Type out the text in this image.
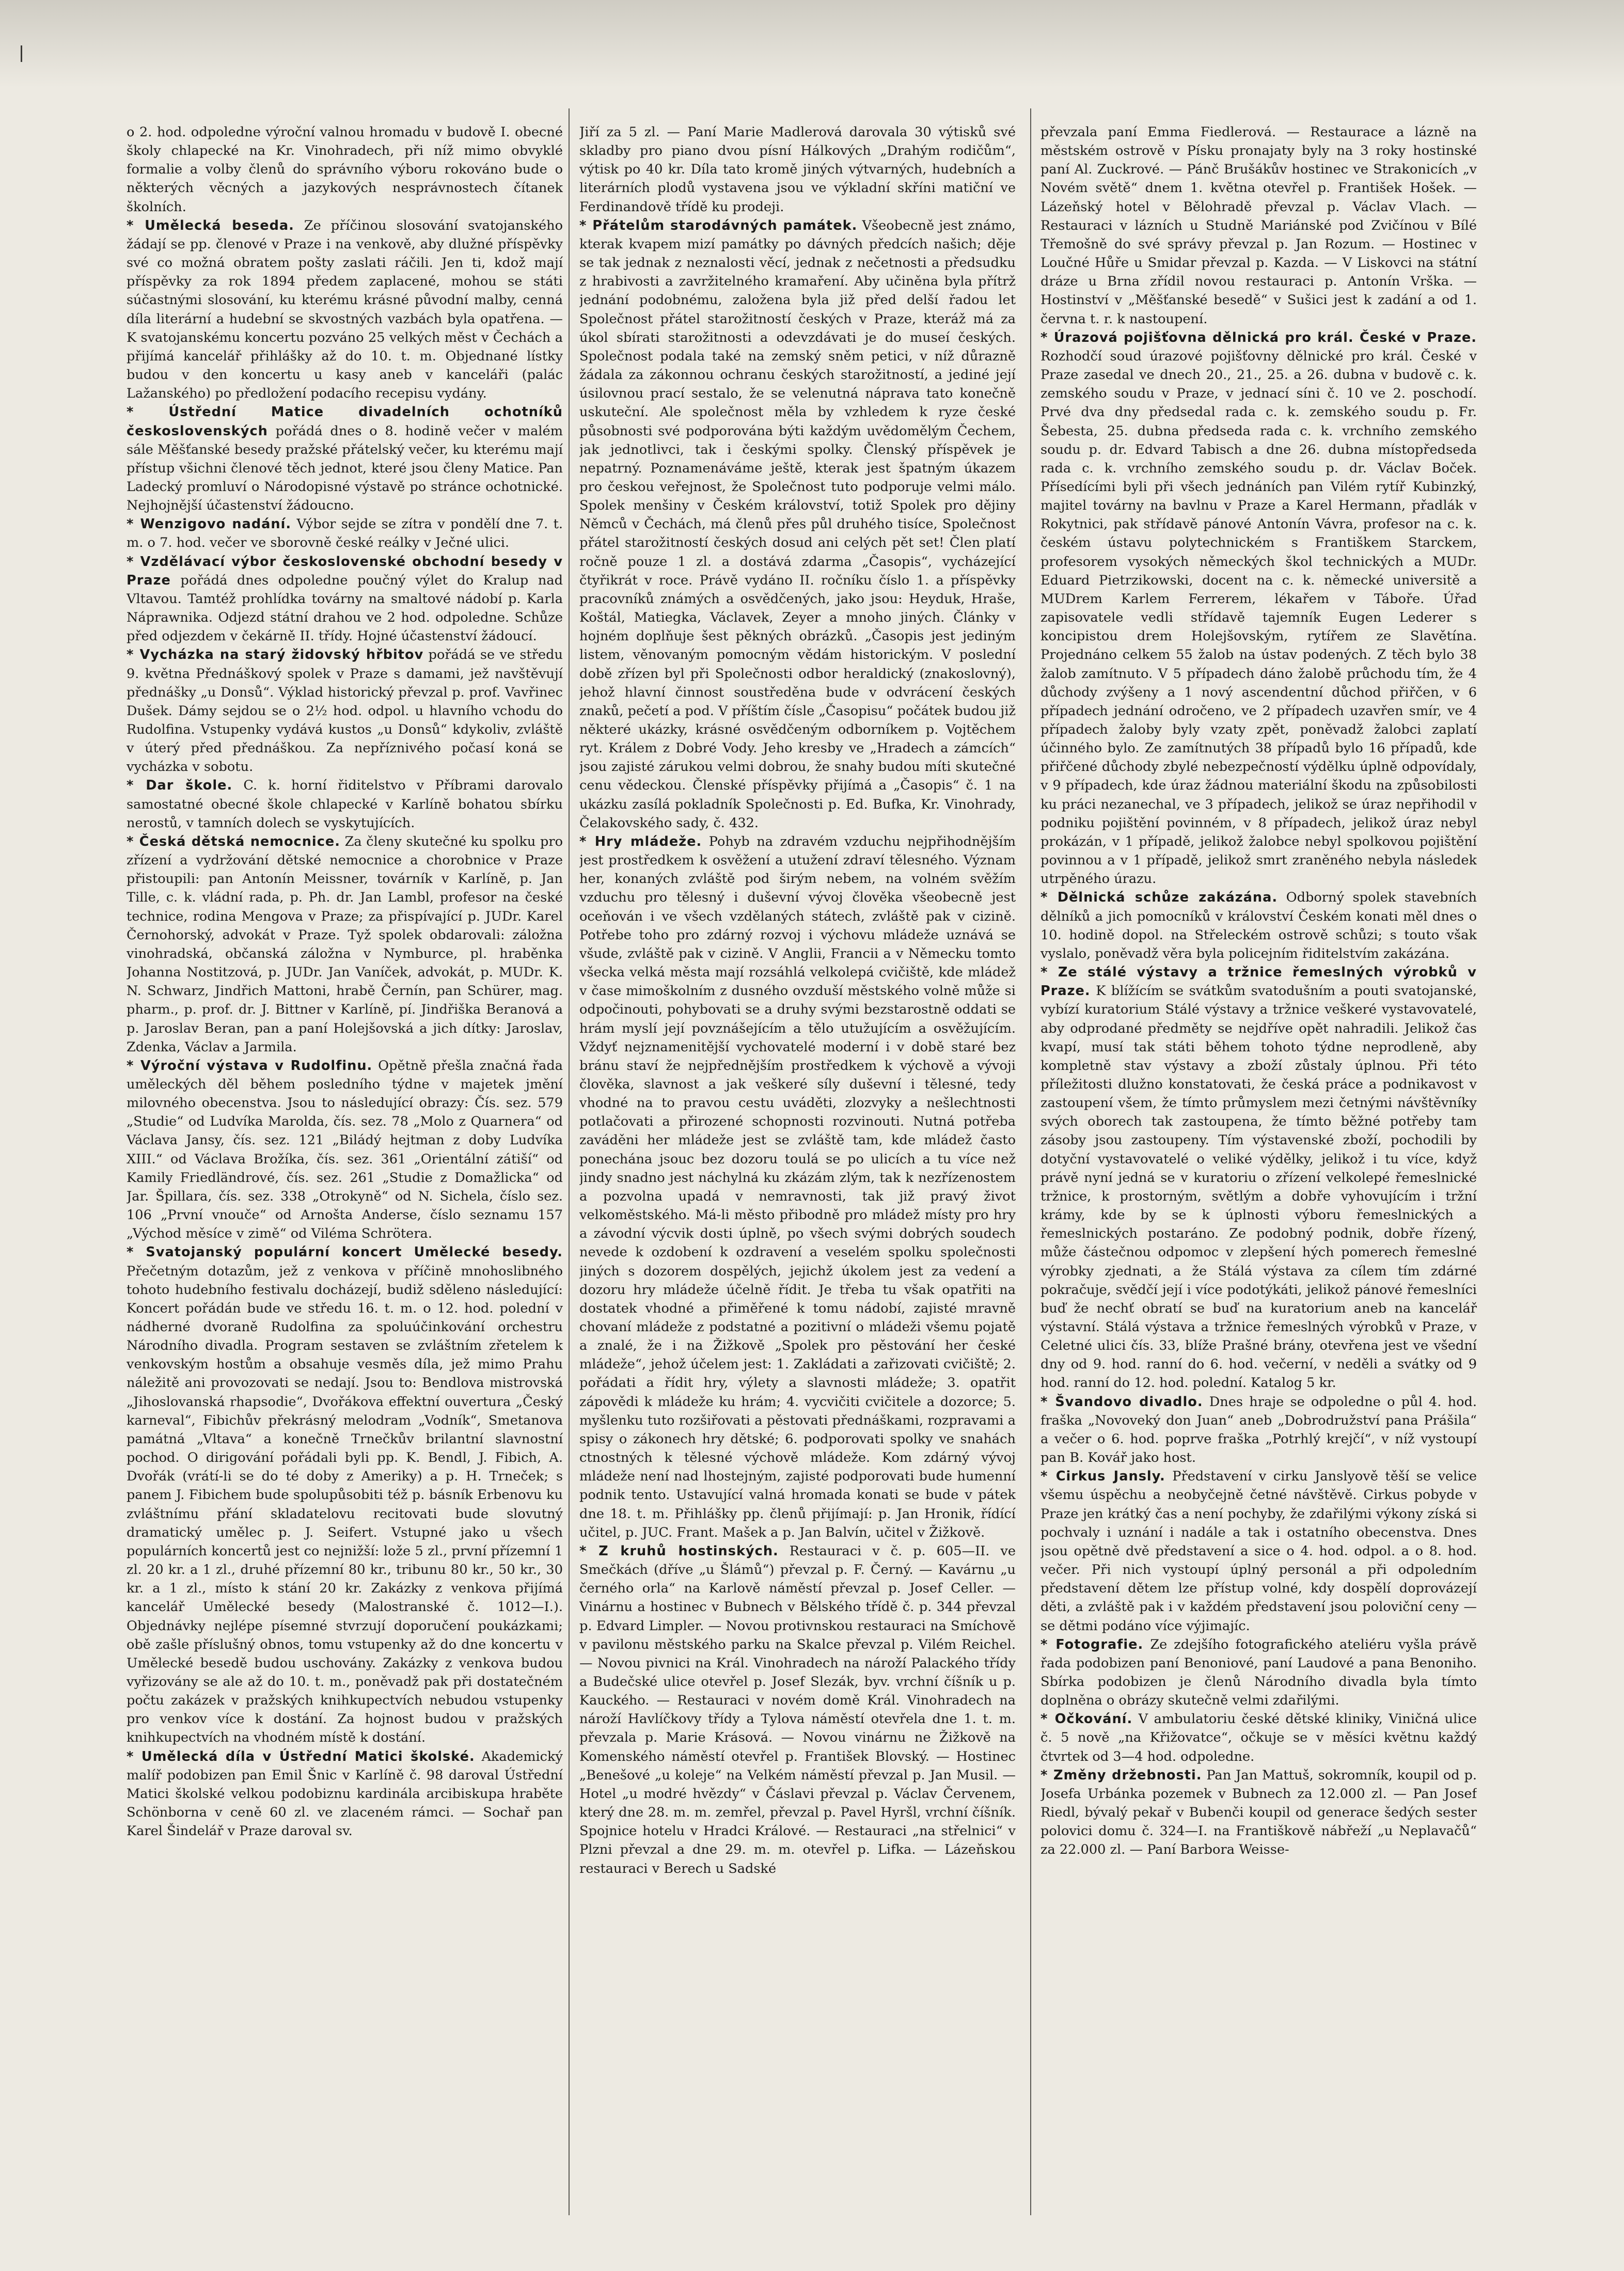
o 2. hod. odpoledne výroční valnou hromadu v budově I. obecné školy chlapecké na Kr. Vinohradech, při níž mimo obvyklé formalie a volby členů do správního výboru rokováno bude o některých věcných a jazykových nesprávnostech čítanek školních.

* Umělecká beseda. Ze příčinou slosování svatojanského žádají se pp. členové v Praze i na venkově, aby dlužné příspěvky své co možná obratem pošty zaslati ráčili. Jen ti, kdož mají příspěvky za rok 1894 předem zaplacené, mohou se státi súčastnými slosování, ku kterému krásné původní malby, cenná díla literární a hudební se skvostných vazbách byla opatřena. — K svatojanskému koncertu pozváno 25 velkých měst v Čechách a přijímá kancelář přihlášky až do 10. t. m. Objednané lístky budou v den koncertu u kasy aneb v kanceláři (palác Lažanského) po předložení podacího recepisu vydány.

* Ústřední Matice divadelních ochotníků československých pořádá dnes o 8. hodině večer v malém sále Měšťanské besedy pražské přátelský večer, ku kterému mají přístup všichni členové těch jednot, které jsou členy Matice. Pan Ladecký promluví o Národopisné výstavě po stránce ochotnické. Nejhojnější účastenství žádoucno.

* Wenzigovo nadání. Výbor sejde se zítra v pondělí dne 7. t. m. o 7. hod. večer ve sborovně české reálky v Ječné ulici.

* Vzdělávací výbor československé obchodní besedy v Praze pořádá dnes odpoledne poučný výlet do Kralup nad Vltavou. Tamtéž prohlídka továrny na smaltové nádobí p. Karla Náprawnika. Odjezd státní drahou ve 2 hod. odpoledne. Schůze před odjezdem v čekárně II. třídy. Hojné účastenství žádoucí.

* Vycházka na starý židovský hřbitov pořádá se ve středu 9. května Přednáškový spolek v Praze s damami, jež navštěvují přednášky „u Donsů“. Výklad historický převzal p. prof. Vavřinec Dušek. Dámy sejdou se o 2½ hod. odpol. u hlavního vchodu do Rudolfina. Vstupenky vydává kustos „u Donsů“ kdykoliv, zvláště v úterý před přednáškou. Za nepříznivého počasí koná se vycházka v sobotu.

* Dar škole. C. k. horní řiditelstvo v Příbrami darovalo samostatné obecné škole chlapecké v Karlíně bohatou sbírku nerostů, v tamních dolech se vyskytujících.

* Česká dětská nemocnice. Za členy skutečné ku spolku pro zřízení a vydržování dětské nemocnice a chorobnice v Praze přistoupili: pan Antonín Meissner, továrník v Karlíně, p. Jan Tille, c. k. vládní rada, p. Ph. dr. Jan Lambl, profesor na české technice, rodina Mengova v Praze; za přispívající p. JUDr. Karel Černohorský, advokát v Praze. Tyž spolek obdarovali: záložna vinohradská, občanská záložna v Nymburce, pl. hraběnka Johanna Nostitzová, p. JUDr. Jan Vaníček, advokát, p. MUDr. K. N. Schwarz, Jindřich Mattoni, hrabě Černín, pan Schürer, mag. pharm., p. prof. dr. J. Bittner v Karlíně, pí. Jindřiška Beranová a p. Jaroslav Beran, pan a paní Holejšovská a jich dítky: Jaroslav, Zdenka, Václav a Jarmila.

* Výroční výstava v Rudolfinu. Opětně přešla značná řada uměleckých děl během posledního týdne v majetek jmění milovného obecenstva. Jsou to následující obrazy: Čís. sez. 579 „Studie“ od Ludvíka Marolda, čís. sez. 78 „Molo z Quarnera“ od Václava Jansy, čís. sez. 121 „Biládý hejtman z doby Ludvíka XIII.“ od Václava Brožíka, čís. sez. 361 „Orientální zátiší“ od Kamily Friedländrové, čís. sez. 261 „Studie z Domažlicka“ od Jar. Špillara, čís. sez. 338 „Otrokyně“ od N. Sichela, číslo sez. 106 „První vnouče“ od Arnošta Anderse, číslo seznamu 157 „Východ měsíce v zimě“ od Viléma Schrötera.

* Svatojanský populární koncert Umělecké besedy. Přečetným dotazům, jež z venkova v příčině mnohoslibného tohoto hudebního festivalu docházejí, budiž sděleno následující: Koncert pořádán bude ve středu 16. t. m. o 12. hod. polední v nádherné dvoraně Rudolfina za spoluúčinkování orchestru Národního divadla. Program sestaven se zvláštním zřetelem k venkovským hostům a obsahuje vesměs díla, jež mimo Prahu náležitě ani provozovati se nedají. Jsou to: Bendlova mistrovská „Jihoslovanská rhapsodie“, Dvořákova effektní ouvertura „Český karneval“, Fibichův překrásný melodram „Vodník“, Smetanova památná „Vltava“ a konečně Trnečkův brilantní slavnostní pochod. O dirigování pořádali byli pp. K. Bendl, J. Fibich, A. Dvořák (vrátí-li se do té doby z Ameriky) a p. H. Trneček; s panem J. Fibichem bude spolupůsobiti též p. básník Erbenovu ku zvláštnímu přání skladatelovu recitovati bude slovutný dramatický umělec p. J. Seifert. Vstupné jako u všech populárních koncertů jest co nejnižší: lože 5 zl., první přízemní 1 zl. 20 kr. a 1 zl., druhé přízemní 80 kr., tribunu 80 kr., 50 kr., 30 kr. a 1 zl., místo k stání 20 kr. Zakázky z venkova přijímá kancelář Umělecké besedy (Malostranské č. 1012—I.). Objednávky nejlépe písemné stvrzují doporučení poukázkami; obě zašle příslušný obnos, tomu vstupenky až do dne koncertu v Umělecké besedě budou uschovány. Zakázky z venkova budou vyřizovány se ale až do 10. t. m., poněvadž pak při dostatečném počtu zakázek v pražských knihkupectvích nebudou vstupenky pro venkov více k dostání. Za hojnost budou v pražských knihkupectvích na vhodném místě k dostání.

* Umělecká díla v Ústřední Matici školské. Akademický malíř podobizen pan Emil Šnic v Karlíně č. 98 daroval Ústřední Matici školské velkou podobiznu kardinála arcibiskupa hraběte Schönborna v ceně 60 zl. ve zlaceném rámci. — Sochař pan Karel Šindelář v Praze daroval sv.

Jiří za 5 zl. — Paní Marie Madlerová darovala 30 výtisků své skladby pro piano dvou písní Hálkových „Drahým rodičům“, výtisk po 40 kr. Díla tato kromě jiných výtvarných, hudebních a literárních plodů vystavena jsou ve výkladní skříni matiční ve Ferdinandově třídě ku prodeji.

* Přátelům starodávných památek. Všeobecně jest známo, kterak kvapem mizí památky po dávných předcích našich; děje se tak jednak z neznalosti věcí, jednak z nečetnosti a předsudku z hrabivosti a zavržitelného kramaření. Aby učiněna byla přítrž jednání podobnému, založena byla již před delší řadou let Společnost přátel starožitností českých v Praze, kteráž má za úkol sbírati starožitnosti a odevzdávati je do museí českých. Společnost podala také na zemský sněm petici, v níž důrazně žádala za zákonnou ochranu českých starožitností, a jediné její úsilovnou prací sestalo, že se velenutná náprava tato konečně uskuteční. Ale společnost měla by vzhledem k ryze české působnosti své podporována býti každým uvědomělým Čechem, jak jednotlivci, tak i českými spolky. Členský příspěvek je nepatrný. Poznamenáváme ještě, kterak jest špatným úkazem pro českou veřejnost, že Společnost tuto podporuje velmi málo. Spolek menšiny v Českém království, totiž Spolek pro dějiny Němců v Čechách, má členů přes půl druhého tisíce, Společnost přátel starožitností českých dosud ani celých pět set! Člen platí ročně pouze 1 zl. a dostává zdarma „Časopis“, vycházející čtyřikrát v roce. Právě vydáno II. ročníku číslo 1. a příspěvky pracovníků známých a osvědčených, jako jsou: Heyduk, Hraše, Koštál, Matiegka, Václavek, Zeyer a mnoho jiných. Články v hojném doplňuje šest pěkných obrázků. „Časopis jest jediným listem, věnovaným pomocným vědám historickým. V poslední době zřízen byl při Společnosti odbor heraldický (znakoslovný), jehož hlavní činnost soustředěna bude v odvrácení českých znaků, pečetí a pod. V příštím čísle „Časopisu“ počátek budou již některé ukázky, krásné osvědčeným odborníkem p. Vojtěchem ryt. Králem z Dobré Vody. Jeho kresby ve „Hradech a zámcích“ jsou zajisté zárukou velmi dobrou, že snahy budou míti skutečné cenu vědeckou. Členské příspěvky přijímá a „Časopis“ č. 1 na ukázku zasílá pokladník Společnosti p. Ed. Bufka, Kr. Vinohrady, Čelakovského sady, č. 432.

* Hry mládeže. Pohyb na zdravém vzduchu nejpřihodnějším jest prostředkem k osvěžení a utužení zdraví tělesného. Význam her, konaných zvláště pod širým nebem, na volném svěžím vzduchu pro tělesný i duševní vývoj člověka všeobecně jest oceňován i ve všech vzdělaných státech, zvláště pak v cizině. Potřebe toho pro zdárný rozvoj i výchovu mládeže uznává se všude, zvláště pak v cizině. V Anglii, Francii a v Německu tomto všecka velká města mají rozsáhlá velkolepá cvičiště, kde mládež v čase mimoškolním z dusného ovzduší městského volně může si odpočinouti, pohybovati se a druhy svými bezstarostně oddati se hrám myslí její povznášejícím a tělo utužujícím a osvěžujícím. Vždyť nejznamenitější vychovatelé moderní i v době staré bez bránu staví že nejpřednějším prostředkem k výchově a vývoji člověka, slavnost a jak veškeré síly duševní i tělesné, tedy vhodné na to pravou cestu uváděti, zlozvyky a nešlechtnosti potlačovati a přirozené schopnosti rozvinouti. Nutná potřeba zaváděni her mládeže jest se zvláště tam, kde mládež často ponechána jsouc bez dozoru toulá se po ulicích a tu více než jindy snadno jest náchylná ku zkázám zlým, tak k nezřízenostem a pozvolna upadá v nemravnosti, tak již pravý život velkoměstského. Má-li město přibodně pro mládež místy pro hry a závodní výcvik dosti úplně, po všech svými dobrých soudech nevede k ozdobení k ozdravení a veselém spolku společnosti jiných s dozorem dospělých, jejichž úkolem jest za vedení a dozoru hry mládeže účelně řídit. Je třeba tu však opatřiti na dostatek vhodné a přiměřené k tomu nádobí, zajisté mravně chovaní mládeže z podstatné a pozitivní o mládeži všemu pojatě a znalé, že i na Žižkově „Spolek pro pěstování her české mládeže“, jehož účelem jest: 1. Zakládati a zařizovati cvičiště; 2. pořádati a řídit hry, výlety a slavnosti mládeže; 3. opatřit zápovědi k mládeže ku hrám; 4. vycvičiti cvičitele a dozorce; 5. myšlenku tuto rozšiřovati a pěstovati přednáškami, rozpravami a spisy o zákonech hry dětské; 6. podporovati spolky ve snahách ctnostných k tělesné výchově mládeže. Kom zdárný vývoj mládeže není nad lhostejným, zajisté podporovati bude humenní podnik tento. Ustavující valná hromada konati se bude v pátek dne 18. t. m. Přihlášky pp. členů přijímají: p. Jan Hronik, řídící učitel, p. JUC. Frant. Mašek a p. Jan Balvín, učitel v Žižkově.

* Z kruhů hostinských. Restauraci v č. p. 605—II. ve Smečkách (dříve „u Šlámů“) převzal p. F. Černý. — Kavárnu „u černého orla“ na Karlově náměstí převzal p. Josef Celler. — Vinárnu a hostinec v Bubnech v Bělského třídě č. p. 344 převzal p. Edvard Limpler. — Novou protivnskou restauraci na Smíchově v pavilonu městského parku na Skalce převzal p. Vilém Reichel. — Novou pivnici na Král. Vinohradech na nároží Palackého třídy a Budečské ulice otevřel p. Josef Slezák, byv. vrchní číšník u p. Kauckého. — Restauraci v novém domě Král. Vinohradech na nároží Havlíčkovy třídy a Tylova náměstí otevřela dne 1. t. m. převzala p. Marie Krásová. — Novou vinárnu ne Žižkově na Komenského náměstí otevřel p. František Blovský. — Hostinec „Benešové „u koleje“ na Velkém náměstí převzal p. Jan Musil. — Hotel „u modré hvězdy“ v Čáslavi převzal p. Václav Červenem, který dne 28. m. m. zemřel, převzal p. Pavel Hyršl, vrchní číšník. Spojnice hotelu v Hradci Králové. — Restauraci „na střelnici“ v Plzni převzal a dne 29. m. m. otevřel p. Lifka. — Lázeňskou restauraci v Berech u Sadské

převzala paní Emma Fiedlerová. — Restaurace a lázně na městském ostrově v Písku pronajaty byly na 3 roky hostinské paní Al. Zuckrové. — Pánč Brušákův hostinec ve Strakonicích „v Novém světě“ dnem 1. května otevřel p. František Hošek. — Lázeňský hotel v Bělohradě převzal p. Václav Vlach. — Restauraci v lázních u Studně Mariánské pod Zvičínou v Bílé Třemošně do své správy převzal p. Jan Rozum. — Hostinec v Loučné Hůře u Smidar převzal p. Kazda. — V Liskovci na státní dráze u Brna zřídil novou restauraci p. Antonín Vrška. — Hostinství v „Měšťanské besedě“ v Sušici jest k zadání a od 1. června t. r. k nastoupení.

* Úrazová pojišťovna dělnická pro král. České v Praze. Rozhodčí soud úrazové pojišťovny dělnické pro král. České v Praze zasedal ve dnech 20., 21., 25. a 26. dubna v budově c. k. zemského soudu v Praze, v jednací síni č. 10 ve 2. poschodí. Prvé dva dny předsedal rada c. k. zemského soudu p. Fr. Šebesta, 25. dubna předseda rada c. k. vrchního zemského soudu p. dr. Edvard Tabisch a dne 26. dubna místopředseda rada c. k. vrchního zemského soudu p. dr. Václav Boček. Přísedícími byli při všech jednáních pan Vilém rytíř Kubinzký, majitel továrny na bavlnu v Praze a Karel Hermann, přadlák v Rokytnici, pak střídavě pánové Antonín Vávra, profesor na c. k. českém ústavu polytechnickém s Františkem Starckem, profesorem vysokých německých škol technických a MUDr. Eduard Pietrzikowski, docent na c. k. německé universitě a MUDrem Karlem Ferrerem, lékařem v Táboře. Úřad zapisovatele vedli střídavě tajemník Eugen Lederer s koncipistou drem Holejšovským, rytířem ze Slavětína. Projednáno celkem 55 žalob na ústav podených. Z těch bylo 38 žalob zamítnuto. V 5 případech dáno žalobě průchodu tím, že 4 důchody zvýšeny a 1 nový ascendentní důchod přiřčen, v 6 případech jednání odročeno, ve 2 případech uzavřen smír, ve 4 případech žaloby byly vzaty zpět, poněvadž žalobci zaplatí účinného bylo. Ze zamítnutých 38 případů bylo 16 případů, kde přiřčené důchody zbylé nebezpečností výdělku úplně odpovídaly, v 9 případech, kde úraz žádnou materiální škodu na způsobilosti ku práci nezanechal, ve 3 případech, jelikož se úraz nepřihodil v podniku pojištění povinném, v 8 případech, jelikož úraz nebyl prokázán, v 1 případě, jelikož žalobce nebyl spolkovou pojištění povinnou a v 1 případě, jelikož smrt zraněného nebyla následek utrpěného úrazu.

* Dělnická schůze zakázána. Odborný spolek stavebních dělníků a jich pomocníků v království Českém konati měl dnes o 10. hodině dopol. na Střeleckém ostrově schůzi; s touto však vyslalo, poněvadž věra byla policejním řiditelstvím zakázána.

* Ze stálé výstavy a tržnice řemeslných výrobků v Praze. K blížícím se svátkům svatodušním a pouti svatojanské, vybízí kuratorium Stálé výstavy a tržnice veškeré vystavovatelé, aby odprodané předměty se nejdříve opět nahradili. Jelikož čas kvapí, musí tak státi během tohoto týdne neprodleně, aby kompletně stav výstavy a zboží zůstaly úplnou. Při této příležitosti dlužno konstatovati, že česká práce a podnikavost v zastoupení všem, že tímto průmyslem mezi četnými návštěvníky svých oborech tak zastoupena, že tímto běžné potřeby tam zásoby jsou zastoupeny. Tím výstavenské zboží, pochodili by dotyční vystavovatelé o veliké výdělky, jelikož i tu více, když právě nyní jedná se v kuratoriu o zřízení velkolepé řemeslnické tržnice, k prostorným, světlým a dobře vyhovujícím i tržní krámy, kde by se k úplnosti výboru řemeslnických a řemeslnických postaráno. Ze podobný podnik, dobře řízený, může částečnou odpomoc v zlepšení hých pomerech řemeslné výrobky zjednati, a že Stálá výstava za cílem tím zdárné pokračuje, svědčí její i více podotýkáti, jelikož pánové řemeslníci buď že nechť obratí se buď na kuratorium aneb na kancelář výstavní. Stálá výstava a tržnice řemeslných výrobků v Praze, v Celetné ulici čís. 33, blíže Prašné brány, otevřena jest ve všední dny od 9. hod. ranní do 6. hod. večerní, v neděli a svátky od 9 hod. ranní do 12. hod. polední. Katalog 5 kr.

* Švandovo divadlo. Dnes hraje se odpoledne o půl 4. hod. fraška „Novoveký don Juan“ aneb „Dobrodružství pana Prášila“ a večer o 6. hod. poprve fraška „Potrhlý krejčí“, v níž vystoupí pan B. Kovář jako host.

* Cirkus Jansly. Představení v cirku Janslyově těší se velice všemu úspěchu a neobyčejně četné návštěvě. Cirkus pobyde v Praze jen krátký čas a není pochyby, že zdařilými výkony získá si pochvaly i uznání i nadále a tak i ostatního obecenstva. Dnes jsou opětně dvě představení a sice o 4. hod. odpol. a o 8. hod. večer. Při nich vystoupí úplný personál a při odpoledním představení dětem lze přístup volné, kdy dospělí doprovázejí děti, a zvláště pak i v každém představení jsou poloviční ceny — se dětmi podáno více výjimajíc.

* Fotografie. Ze zdejšího fotografického ateliéru vyšla právě řada podobizen paní Benoniové, paní Laudové a pana Benoniho. Sbírka podobizen je členů Národního divadla byla tímto doplněna o obrázy skutečně velmi zdařilými.

* Očkování. V ambulatoriu české dětské kliniky, Viničná ulice č. 5 nově „na Křižovatce“, očkuje se v měsíci květnu každý čtvrtek od 3—4 hod. odpoledne.

* Změny držebnosti. Pan Jan Mattuš, sokromník, koupil od p. Josefa Urbánka pozemek v Bubnech za 12.000 zl. — Pan Josef Riedl, bývalý pekař v Bubenči koupil od generace šedých sester polovici domu č. 324—I. na Františkově nábřeží „u Neplavačů“ za 22.000 zl. — Paní Barbora Weisse-
